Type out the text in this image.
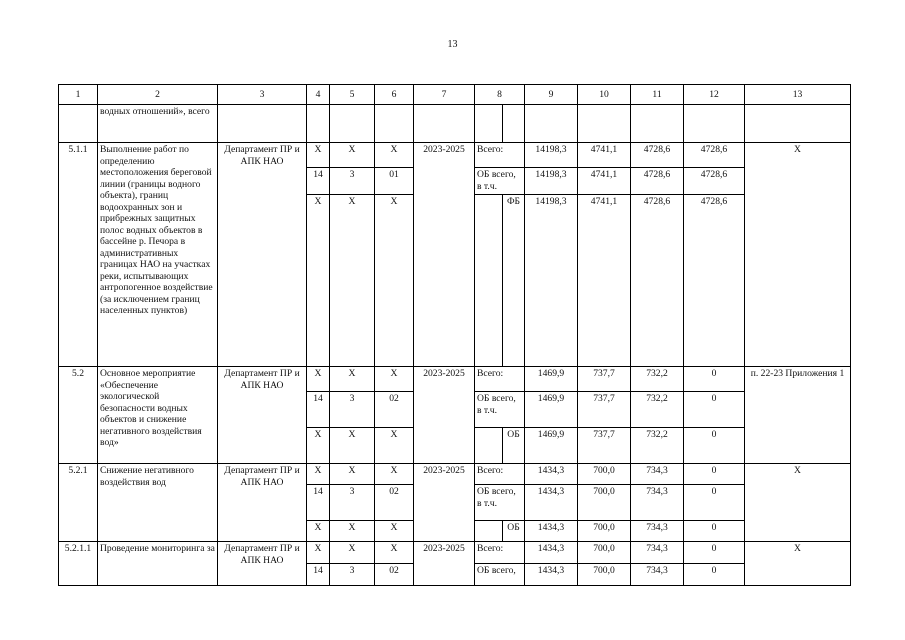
13
1	2	3	4	5	6	7	8		9	10	11	12	13
	водных отношений», всего												
5.1.1	Выполнение работ по определению местоположения береговой линии (границы водного объекта), границ водоохранных зон и прибрежных защитных полос водных объектов в бассейне р. Печора в административных границах НАО на участках реки, испытывающих антропогенное воздействие (за исключением границ населенных пунктов)	Департамент ПР и АПК НАО	Х	Х	Х	2023-2025	Всего:		14198,3	4741,1	4728,6	4728,6	Х
			14	3	01		ОБ всего, в т.ч.		14198,3	4741,1	4728,6	4728,6	
			Х	Х	Х			ФБ	14198,3	4741,1	4728,6	4728,6	
5.2	Основное мероприятие «Обеспечение экологической безопасности водных объектов и снижение негативного воздействия вод»	Департамент ПР и АПК НАО	Х	Х	Х	2023-2025	Всего:		1469,9	737,7	732,2	0	п. 22-23 Приложения 1
			14	3	02		ОБ всего, в т.ч.		1469,9	737,7	732,2	0	
			Х	Х	Х			ОБ	1469,9	737,7	732,2	0	
5.2.1	Снижение негативного воздействия вод	Департамент ПР и АПК НАО	Х	Х	Х	2023-2025	Всего:		1434,3	700,0	734,3	0	Х
			14	3	02		ОБ всего, в т.ч.		1434,3	700,0	734,3	0	
			Х	Х	Х			ОБ	1434,3	700,0	734,3	0	
5.2.1.1	Проведение мониторинга за	Департамент ПР и АПК НАО	Х	Х	Х	2023-2025	Всего:		1434,3	700,0	734,3	0	Х
			14	3	02		ОБ всего,		1434,3	700,0	734,3	0	
